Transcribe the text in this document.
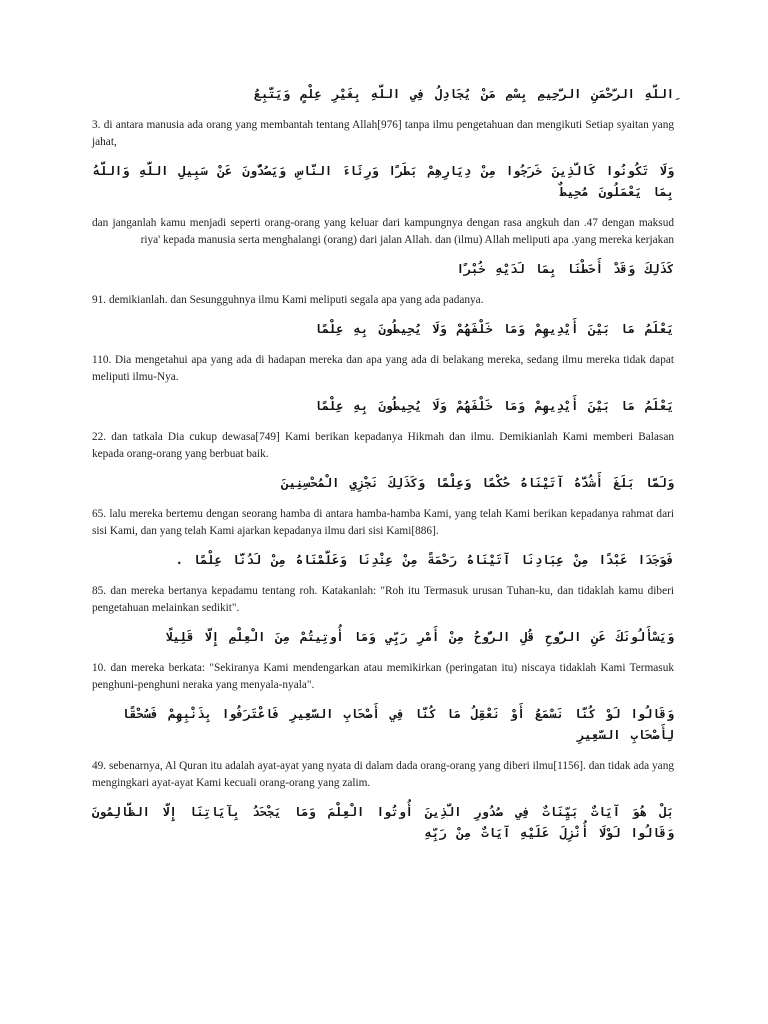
ِاللَّهِ الرَّحْمَنِ الرَّحِيمِ بِسْمِ مَنْ يُجَادِلُ فِي اللَّهِ بِغَيْرِ عِلْمٍ وَيَتَّبِعُ

3. di antara manusia ada orang yang membantah tentang Allah[976] tanpa ilmu pengetahuan dan mengikuti Setiap syaitan yang jahat,

وَلَا تَكُونُوا كَالَّذِينَ خَرَجُوا مِنْ دِيَارِهِمْ بَطَرًا وَرِئَاءَ النَّاسِ وَيَصُدُّونَ عَنْ سَبِيلِ اللَّهِ وَاللَّهُ بِمَا يَعْمَلُونَ مُحِيطٌ

dan janganlah kamu menjadi seperti orang-orang yang keluar dari kampungnya dengan rasa angkuh dan .47 dengan maksud riya' kepada manusia serta menghalangi (orang) dari jalan Allah. dan (ilmu) Allah meliputi apa .yang mereka kerjakan

كَذَلِكَ وَقَدْ أَحَطْنَا بِمَا لَدَيْهِ خُبْرًا

91. demikianlah. dan Sesungguhnya ilmu Kami meliputi segala apa yang ada padanya.

يَعْلَمُ مَا بَيْنَ أَيْدِيهِمْ وَمَا خَلْفَهُمْ وَلَا يُحِيطُونَ بِهِ عِلْمًا

110. Dia mengetahui apa yang ada di hadapan mereka dan apa yang ada di belakang mereka, sedang ilmu mereka tidak dapat meliputi ilmu-Nya.

يَعْلَمُ مَا بَيْنَ أَيْدِيهِمْ وَمَا خَلْفَهُمْ وَلَا يُحِيطُونَ بِهِ عِلْمًا

22. dan tatkala Dia cukup dewasa[749] Kami berikan kepadanya Hikmah dan ilmu. Demikianlah Kami memberi Balasan kepada orang-orang yang berbuat baik.

وَلَمَّا بَلَغَ أَشُدَّهُ آتَيْنَاهُ حُكْمًا وَعِلْمًا وَكَذَلِكَ نَجْزِي الْمُحْسِنِينَ

65. lalu mereka bertemu dengan seorang hamba di antara hamba-hamba Kami, yang telah Kami berikan kepadanya rahmat dari sisi Kami, dan yang telah Kami ajarkan kepadanya ilmu dari sisi Kami[886].

فَوَجَدَا عَبْدًا مِنْ عِبَادِنَا آتَيْنَاهُ رَحْمَةً مِنْ عِنْدِنَا وَعَلَّمْنَاهُ مِنْ لَدُنَّا عِلْمًا .

85. dan mereka bertanya kepadamu tentang roh. Katakanlah: "Roh itu Termasuk urusan Tuhan-ku, dan tidaklah kamu diberi pengetahuan melainkan sedikit".

وَيَسْأَلُونَكَ عَنِ الرُّوحِ قُلِ الرُّوحُ مِنْ أَمْرِ رَبِّي وَمَا أُوتِيتُمْ مِنَ الْعِلْمِ إِلَّا قَلِيلًا

10. dan mereka berkata: "Sekiranya Kami mendengarkan atau memikirkan (peringatan itu) niscaya tidaklah Kami Termasuk penghuni-penghuni neraka yang menyala-nyala".

وَقَالُوا لَوْ كُنَّا نَسْمَعُ أَوْ نَعْقِلُ مَا كُنَّا فِي أَصْحَابِ السَّعِيرِ فَاعْتَرَفُوا بِذَنْبِهِمْ فَسُحْقًا لِأَصْحَابِ السَّعِيرِ

49. sebenarnya, Al Quran itu adalah ayat-ayat yang nyata di dalam dada orang-orang yang diberi ilmu[1156]. dan tidak ada yang mengingkari ayat-ayat Kami kecuali orang-orang yang zalim.

بَلْ هُوَ آيَاتٌ بَيِّنَاتٌ فِي صُدُورِ الَّذِينَ أُوتُوا الْعِلْمَ وَمَا يَجْحَدُ بِآيَاتِنَا إِلَّا الظَّالِمُونَ وَقَالُوا لَوْلَا أُنْزِلَ عَلَيْهِ آيَاتٌ مِنْ رَبِّهِ
